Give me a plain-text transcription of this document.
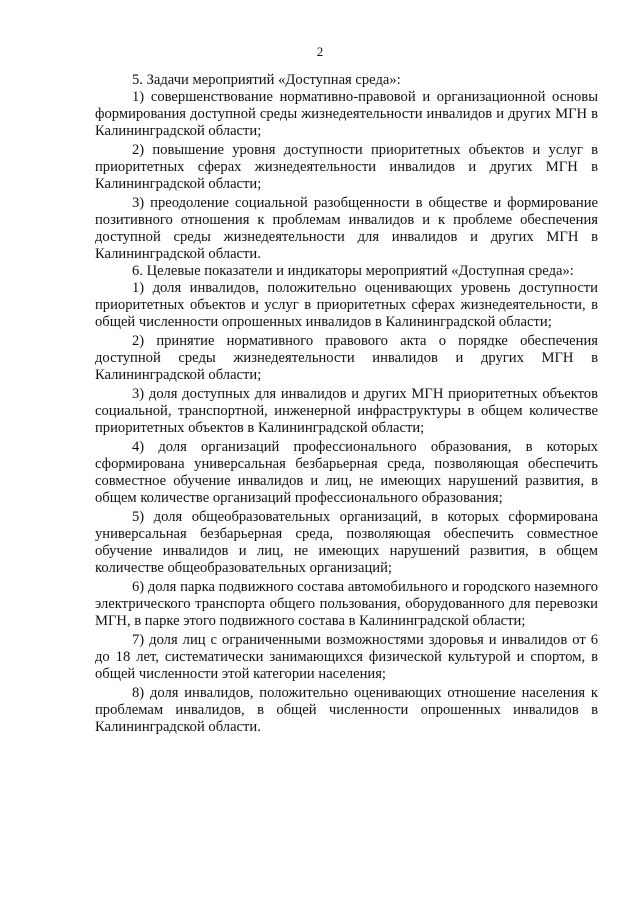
2

5. Задачи мероприятий «Доступная среда»:

1) совершенствование нормативно-правовой и организационной основы формирования доступной среды жизнедеятельности инвалидов и других МГН в Калининградской области;

2) повышение уровня доступности приоритетных объектов и услуг в приоритетных сферах жизнедеятельности инвалидов и других МГН в Калининградской области;

3) преодоление социальной разобщенности в обществе и формирование позитивного отношения к проблемам инвалидов и к проблеме обеспечения доступной среды жизнедеятельности для инвалидов и других МГН в Калининградской области.

6. Целевые показатели и индикаторы мероприятий «Доступная среда»:

1) доля инвалидов, положительно оценивающих уровень доступности приоритетных объектов и услуг в приоритетных сферах жизнедеятельности, в общей численности опрошенных инвалидов в Калининградской области;

2) принятие нормативного правового акта о порядке обеспечения доступной среды жизнедеятельности инвалидов и других МГН в Калининградской области;

3) доля доступных для инвалидов и других МГН приоритетных объектов социальной, транспортной, инженерной инфраструктуры в общем количестве приоритетных объектов в Калининградской области;

4) доля организаций профессионального образования, в которых сформирована универсальная безбарьерная среда, позволяющая обеспечить совместное обучение инвалидов и лиц, не имеющих нарушений развития, в общем количестве организаций профессионального образования;

5) доля общеобразовательных организаций, в которых сформирована универсальная безбарьерная среда, позволяющая обеспечить совместное обучение инвалидов и лиц, не имеющих нарушений развития, в общем количестве общеобразовательных организаций;

6) доля парка подвижного состава автомобильного и городского наземного электрического транспорта общего пользования, оборудованного для перевозки МГН, в парке этого подвижного состава в Калининградской области;

7) доля лиц с ограниченными возможностями здоровья и инвалидов от 6 до 18 лет, систематически занимающихся физической культурой и спортом, в общей численности этой категории населения;

8) доля инвалидов, положительно оценивающих отношение населения к проблемам инвалидов, в общей численности опрошенных инвалидов в Калининградской области.
